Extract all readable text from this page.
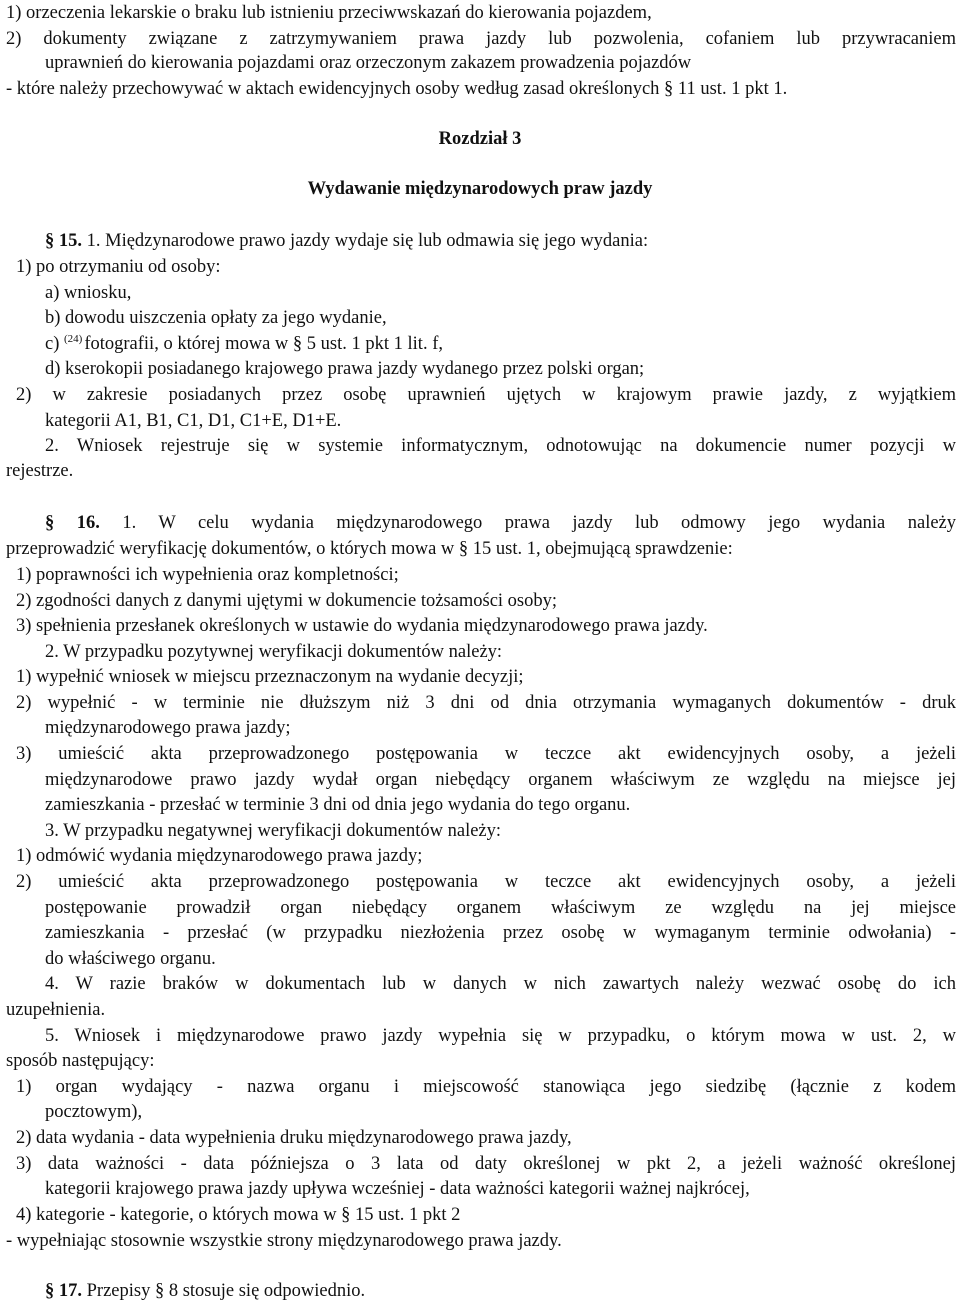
1) orzeczenia lekarskie o braku lub istnieniu przeciwwskazań do kierowania pojazdem,
2) dokumenty związane z zatrzymywaniem prawa jazdy lub pozwolenia, cofaniem lub przywracaniem
uprawnień do kierowania pojazdami oraz orzeczonym zakazem prowadzenia pojazdów
- które należy przechowywać w aktach ewidencyjnych osoby według zasad określonych § 11 ust. 1 pkt 1.
Rozdział 3
Wydawanie międzynarodowych praw jazdy
§ 15. 1. Międzynarodowe prawo jazdy wydaje się lub odmawia się jego wydania:
1) po otrzymaniu od osoby:
a) wniosku,
b) dowodu uiszczenia opłaty za jego wydanie,
c) $^{(24)}$ fotografii, o której mowa w § 5 ust. 1 pkt 1 lit. f,
d) kserokopii posiadanego krajowego prawa jazdy wydanego przez polski organ;
2) w zakresie posiadanych przez osobę uprawnień ujętych w krajowym prawie jazdy, z wyjątkiem
kategorii A1, B1, C1, D1, C1+E, D1+E.
2. Wniosek rejestruje się w systemie informatycznym, odnotowując na dokumencie numer pozycji w
rejestrze.
§ 16. 1. W celu wydania międzynarodowego prawa jazdy lub odmowy jego wydania należy
przeprowadzić weryfikację dokumentów, o których mowa w § 15 ust. 1, obejmującą sprawdzenie:
1) poprawności ich wypełnienia oraz kompletności;
2) zgodności danych z danymi ujętymi w dokumencie tożsamości osoby;
3) spełnienia przesłanek określonych w ustawie do wydania międzynarodowego prawa jazdy.
2. W przypadku pozytywnej weryfikacji dokumentów należy:
1) wypełnić wniosek w miejscu przeznaczonym na wydanie decyzji;
2) wypełnić - w terminie nie dłuższym niż 3 dni od dnia otrzymania wymaganych dokumentów - druk
międzynarodowego prawa jazdy;
3) umieścić akta przeprowadzonego postępowania w teczce akt ewidencyjnych osoby, a jeżeli
międzynarodowe prawo jazdy wydał organ niebędący organem właściwym ze względu na miejsce jej
zamieszkania - przesłać w terminie 3 dni od dnia jego wydania do tego organu.
3. W przypadku negatywnej weryfikacji dokumentów należy:
1) odmówić wydania międzynarodowego prawa jazdy;
2) umieścić akta przeprowadzonego postępowania w teczce akt ewidencyjnych osoby, a jeżeli
postępowanie prowadził organ niebędący organem właściwym ze względu na jej miejsce
zamieszkania - przesłać (w przypadku niezłożenia przez osobę w wymaganym terminie odwołania) -
do właściwego organu.
4. W razie braków w dokumentach lub w danych w nich zawartych należy wezwać osobę do ich
uzupełnienia.
5. Wniosek i międzynarodowe prawo jazdy wypełnia się w przypadku, o którym mowa w ust. 2, w
sposób następujący:
1) organ wydający - nazwa organu i miejscowość stanowiąca jego siedzibę (łącznie z kodem
pocztowym),
2) data wydania - data wypełnienia druku międzynarodowego prawa jazdy,
3) data ważności - data późniejsza o 3 lata od daty określonej w pkt 2, a jeżeli ważność określonej
kategorii krajowego prawa jazdy upływa wcześniej - data ważności kategorii ważnej najkrócej,
4) kategorie - kategorie, o których mowa w § 15 ust. 1 pkt 2
- wypełniając stosownie wszystkie strony międzynarodowego prawa jazdy.
§ 17. Przepisy § 8 stosuje się odpowiednio.
